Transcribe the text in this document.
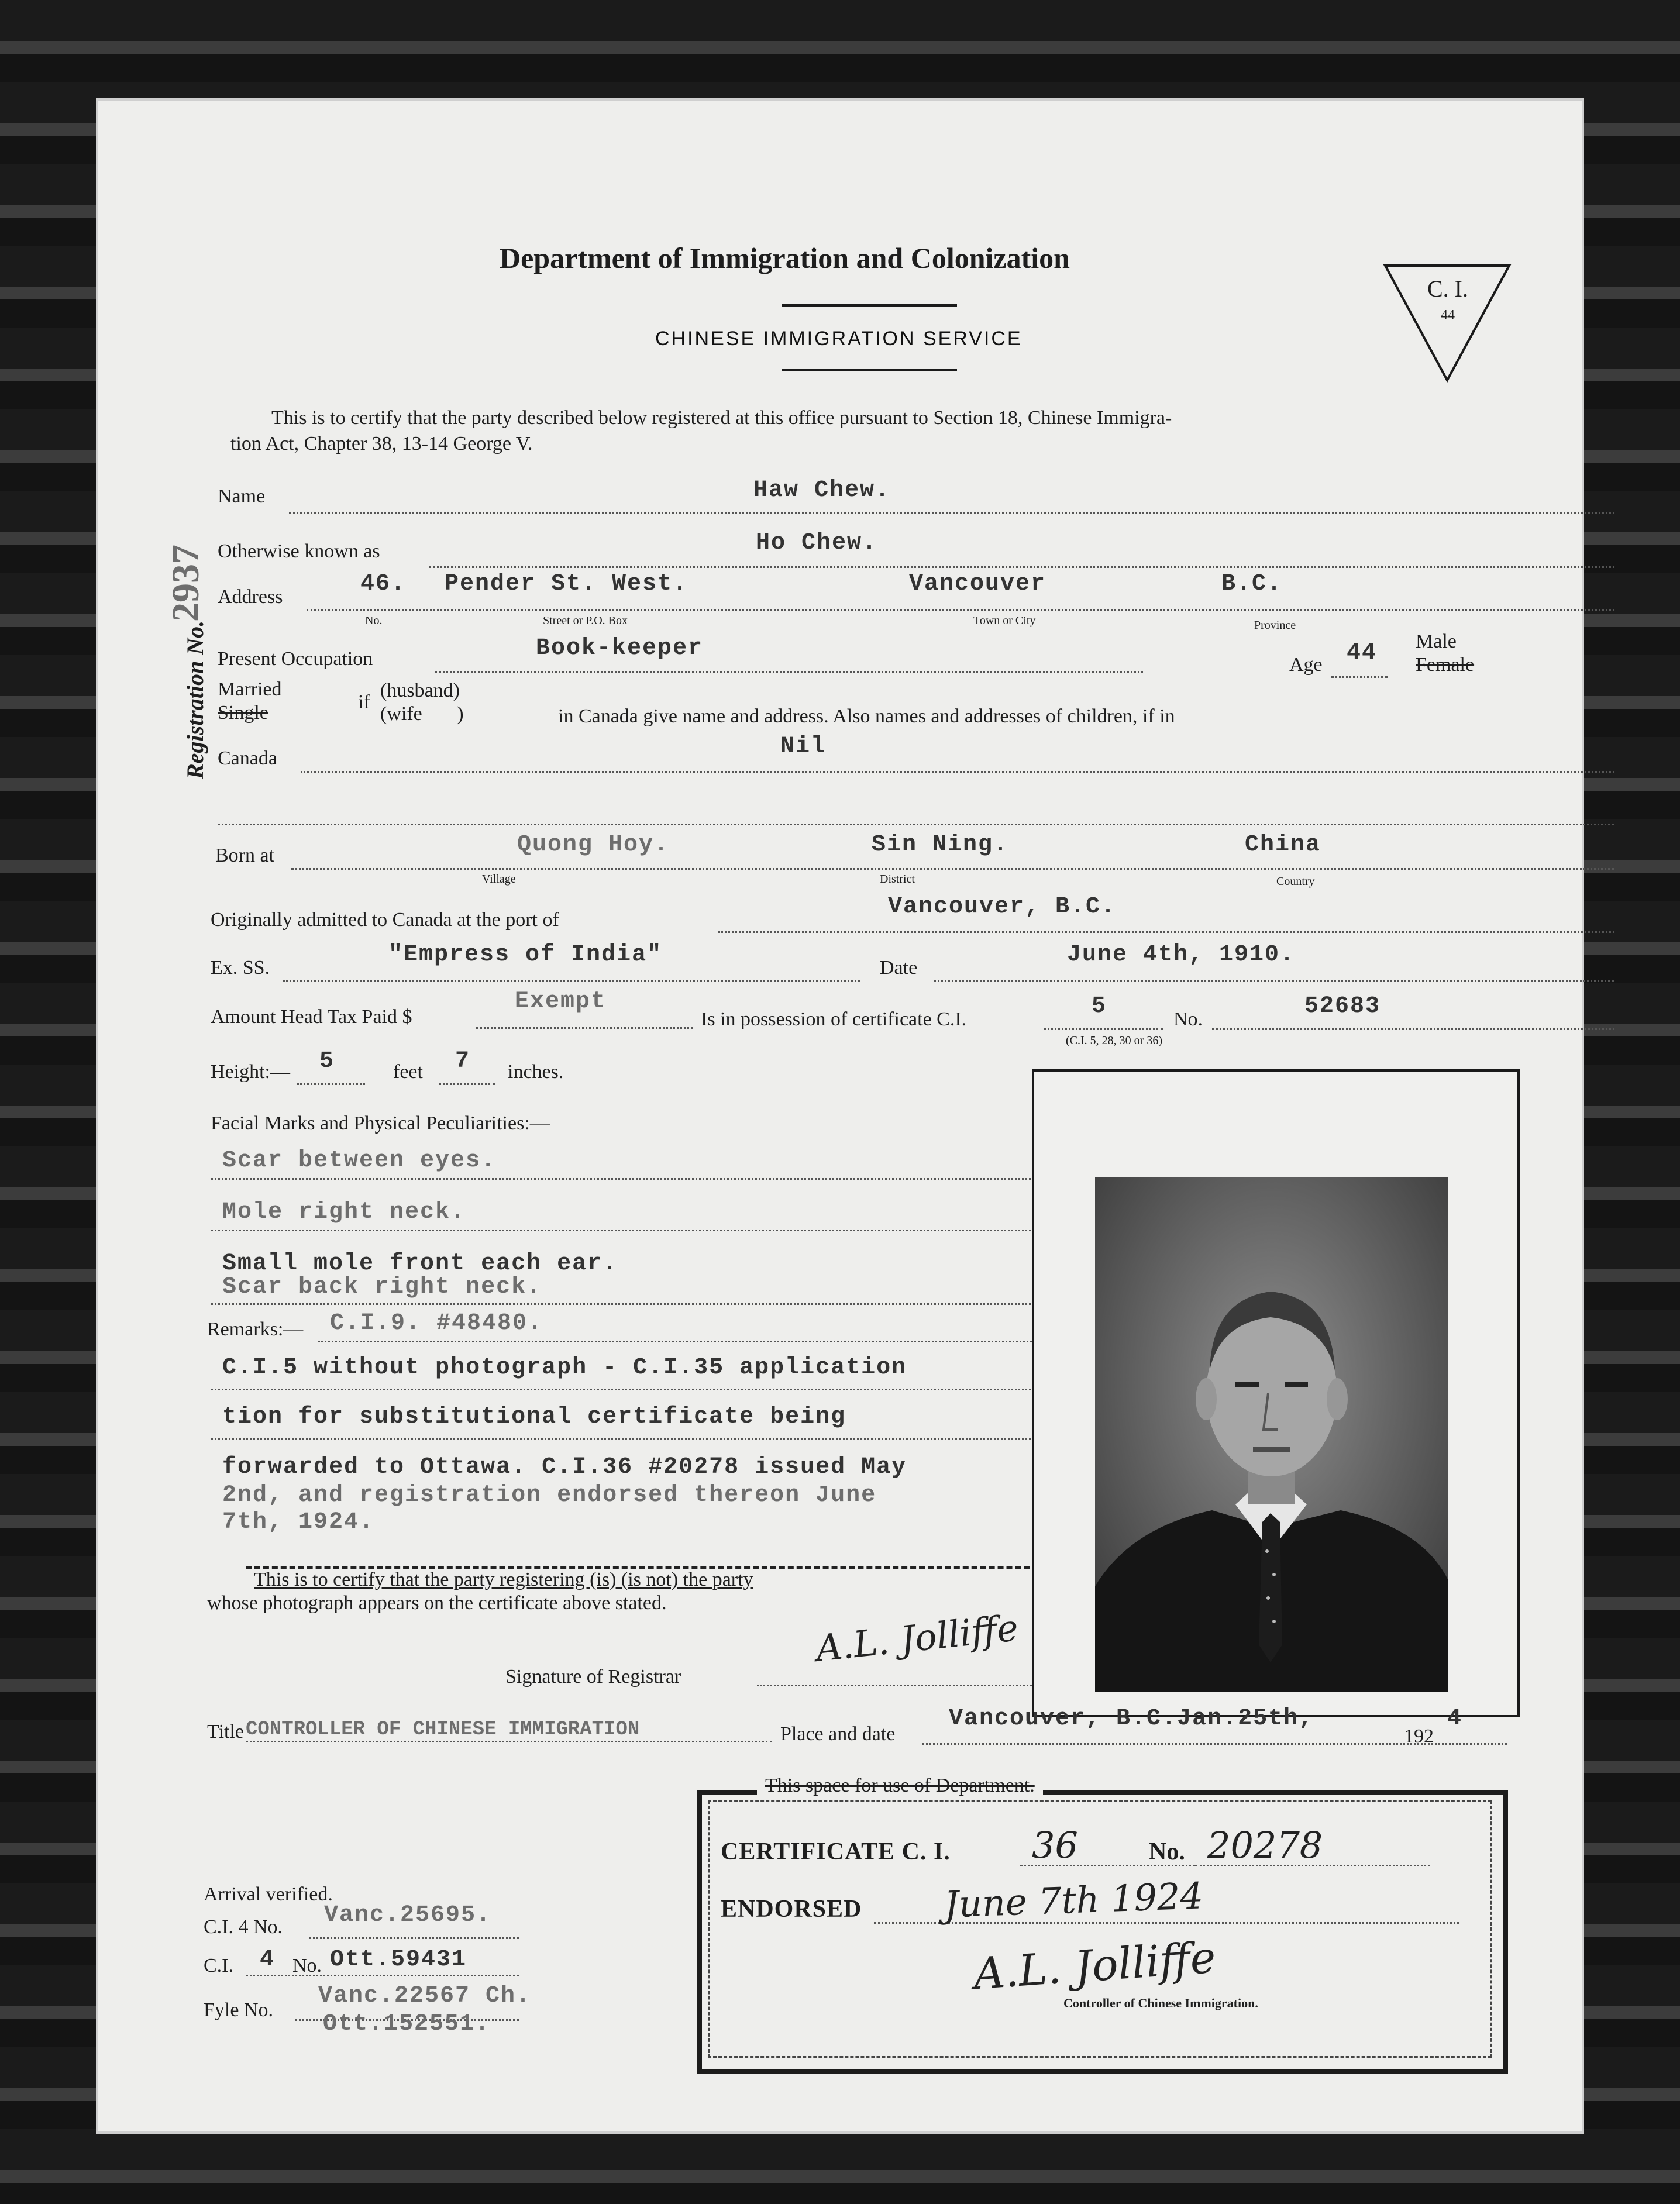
Department of Immigration and Colonization
CHINESE IMMIGRATION SERVICE
C. I.
44
Registration No.
2937
This is to certify that the party described below registered at this office pursuant to Section 18, Chinese Immigra-
tion Act, Chapter 38, 13-14 George V.
Name	Haw Chew.
Otherwise known as	Ho Chew.
Address	46. Pender St. West.	Vancouver	B.C.
No.	Street or P.O. Box	Town or City	Province
Present Occupation	Book-keeper
Age 44 Male
Female
Married
Single	if
(husband)
(wife       )	in Canada give name and address. Also names and addresses of children, if in
Canada	Nil
Born at	Quong Hoy.	Sin Ning.	China
Village	District	Country
Originally admitted to Canada at the port of	Vancouver, B.C.
Ex. SS.	"Empress of India"	Date	June 4th, 1910.
Amount Head Tax Paid $
Exempt
Is in possession of certificate C.I.	5	No.	52683
(C.I. 5, 28, 30 or 36)
Height:— 5	feet 7 inches.
Facial Marks and Physical Peculiarities:—
Scar between eyes.
Mole right neck.
Small mole front each ear.
Scar back right neck.
Remarks:— C.I.9. #48480.
C.I.5 without photograph - C.I.35 application
tion for substitutional certificate being
forwarded to Ottawa. C.I.36 #20278 issued May
2nd, and registration endorsed thereon June
7th, 1924.
This is to certify that the party registering (is) (is not) the party
whose photograph appears on the certificate above stated.
Signature of Registrar
A.L. Jolliffe
Title CONTROLLER OF CHINESE IMMIGRATION	Place and date
Vancouver, B.C.Jan.25th,
192
4
This space for use of Department.
CERTIFICATE C. I. 36	No. 20278
ENDORSED June 7th 1924
A.L. Jolliffe
Controller of Chinese Immigration.
Arrival verified.
C.I. 4 No. Vanc.25695.
C.I. 4 No. Ott.59431
Fyle No.
Vanc.22567 Ch.
Ott.152551.
